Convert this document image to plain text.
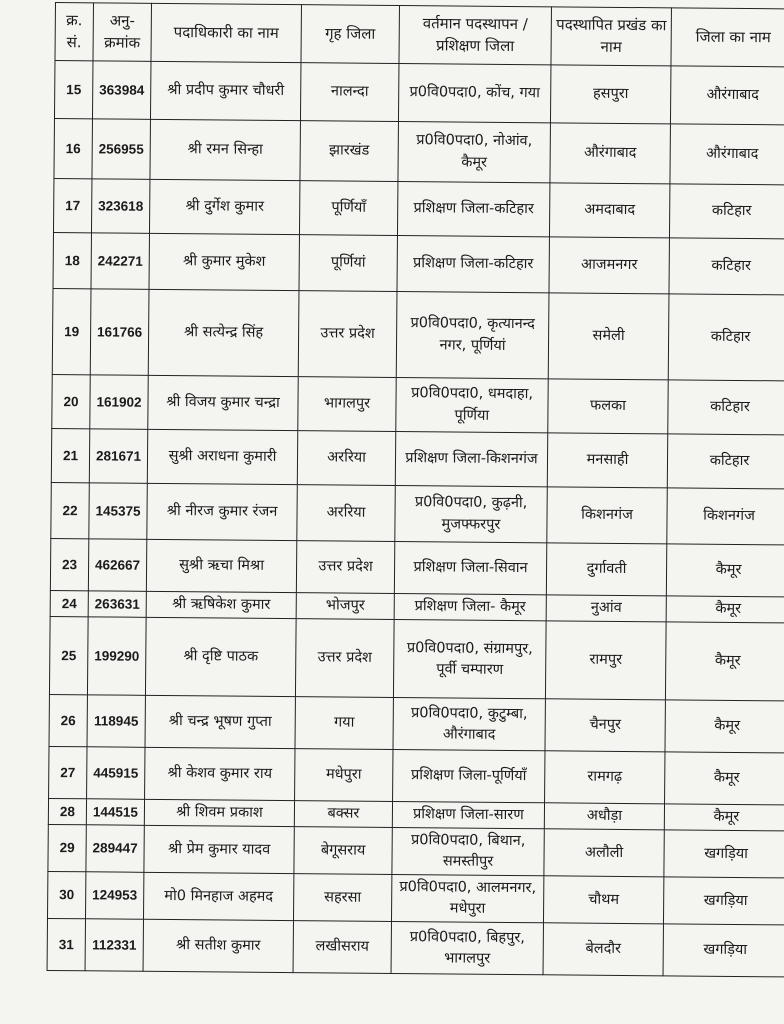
क्र. सं.	अनु-क्रमांक	पदाधिकारी का नाम	गृह जिला	वर्तमान पदस्थापन / प्रशिक्षण जिला	पदस्थापित प्रखंड का नाम	जिला का नाम
15	363984	श्री प्रदीप कुमार चौधरी	नालन्दा	प्र0वि0पदा0, कोंच, गया	हसपुरा	औरंगाबाद
16	256955	श्री रमन सिन्हा	झारखंड	प्र0वि0पदा0, नोआंव, कैमूर	औरंगाबाद	औरंगाबाद
17	323618	श्री दुर्गेश कुमार	पूर्णियाँ	प्रशिक्षण जिला-कटिहार	अमदाबाद	कटिहार
18	242271	श्री कुमार मुकेश	पूर्णियां	प्रशिक्षण जिला-कटिहार	आजमनगर	कटिहार
19	161766	श्री सत्येन्द्र सिंह	उत्तर प्रदेश	प्र0वि0पदा0, कृत्यानन्द नगर, पूर्णियां	समेली	कटिहार
20	161902	श्री विजय कुमार चन्द्रा	भागलपुर	प्र0वि0पदा0, धमदाहा, पूर्णिया	फलका	कटिहार
21	281671	सुश्री अराधना कुमारी	अररिया	प्रशिक्षण जिला-किशनगंज	मनसाही	कटिहार
22	145375	श्री नीरज कुमार रंजन	अररिया	प्र0वि0पदा0, कुढ़नी, मुजफ्फरपुर	किशनगंज	किशनगंज
23	462667	सुश्री ऋचा मिश्रा	उत्तर प्रदेश	प्रशिक्षण जिला-सिवान	दुर्गावती	कैमूर
24	263631	श्री ऋषिकेश कुमार	भोजपुर	प्रशिक्षण जिला- कैमूर	नुआंव	कैमूर
25	199290	श्री दृष्टि पाठक	उत्तर प्रदेश	प्र0वि0पदा0, संग्रामपुर, पूर्वी चम्पारण	रामपुर	कैमूर
26	118945	श्री चन्द्र भूषण गुप्ता	गया	प्र0वि0पदा0, कुटुम्बा, औरंगाबाद	चैनपुर	कैमूर
27	445915	श्री केशव कुमार राय	मधेपुरा	प्रशिक्षण जिला-पूर्णियाँ	रामगढ़	कैमूर
28	144515	श्री शिवम प्रकाश	बक्सर	प्रशिक्षण जिला-सारण	अधौड़ा	कैमूर
29	289447	श्री प्रेम कुमार यादव	बेगूसराय	प्र0वि0पदा0, बिथान, समस्तीपुर	अलौली	खगड़िया
30	124953	मो0 मिनहाज अहमद	सहरसा	प्र0वि0पदा0, आलमनगर, मधेपुरा	चौथम	खगड़िया
31	112331	श्री सतीश कुमार	लखीसराय	प्र0वि0पदा0, बिहपुर, भागलपुर	बेलदौर	खगड़िया
